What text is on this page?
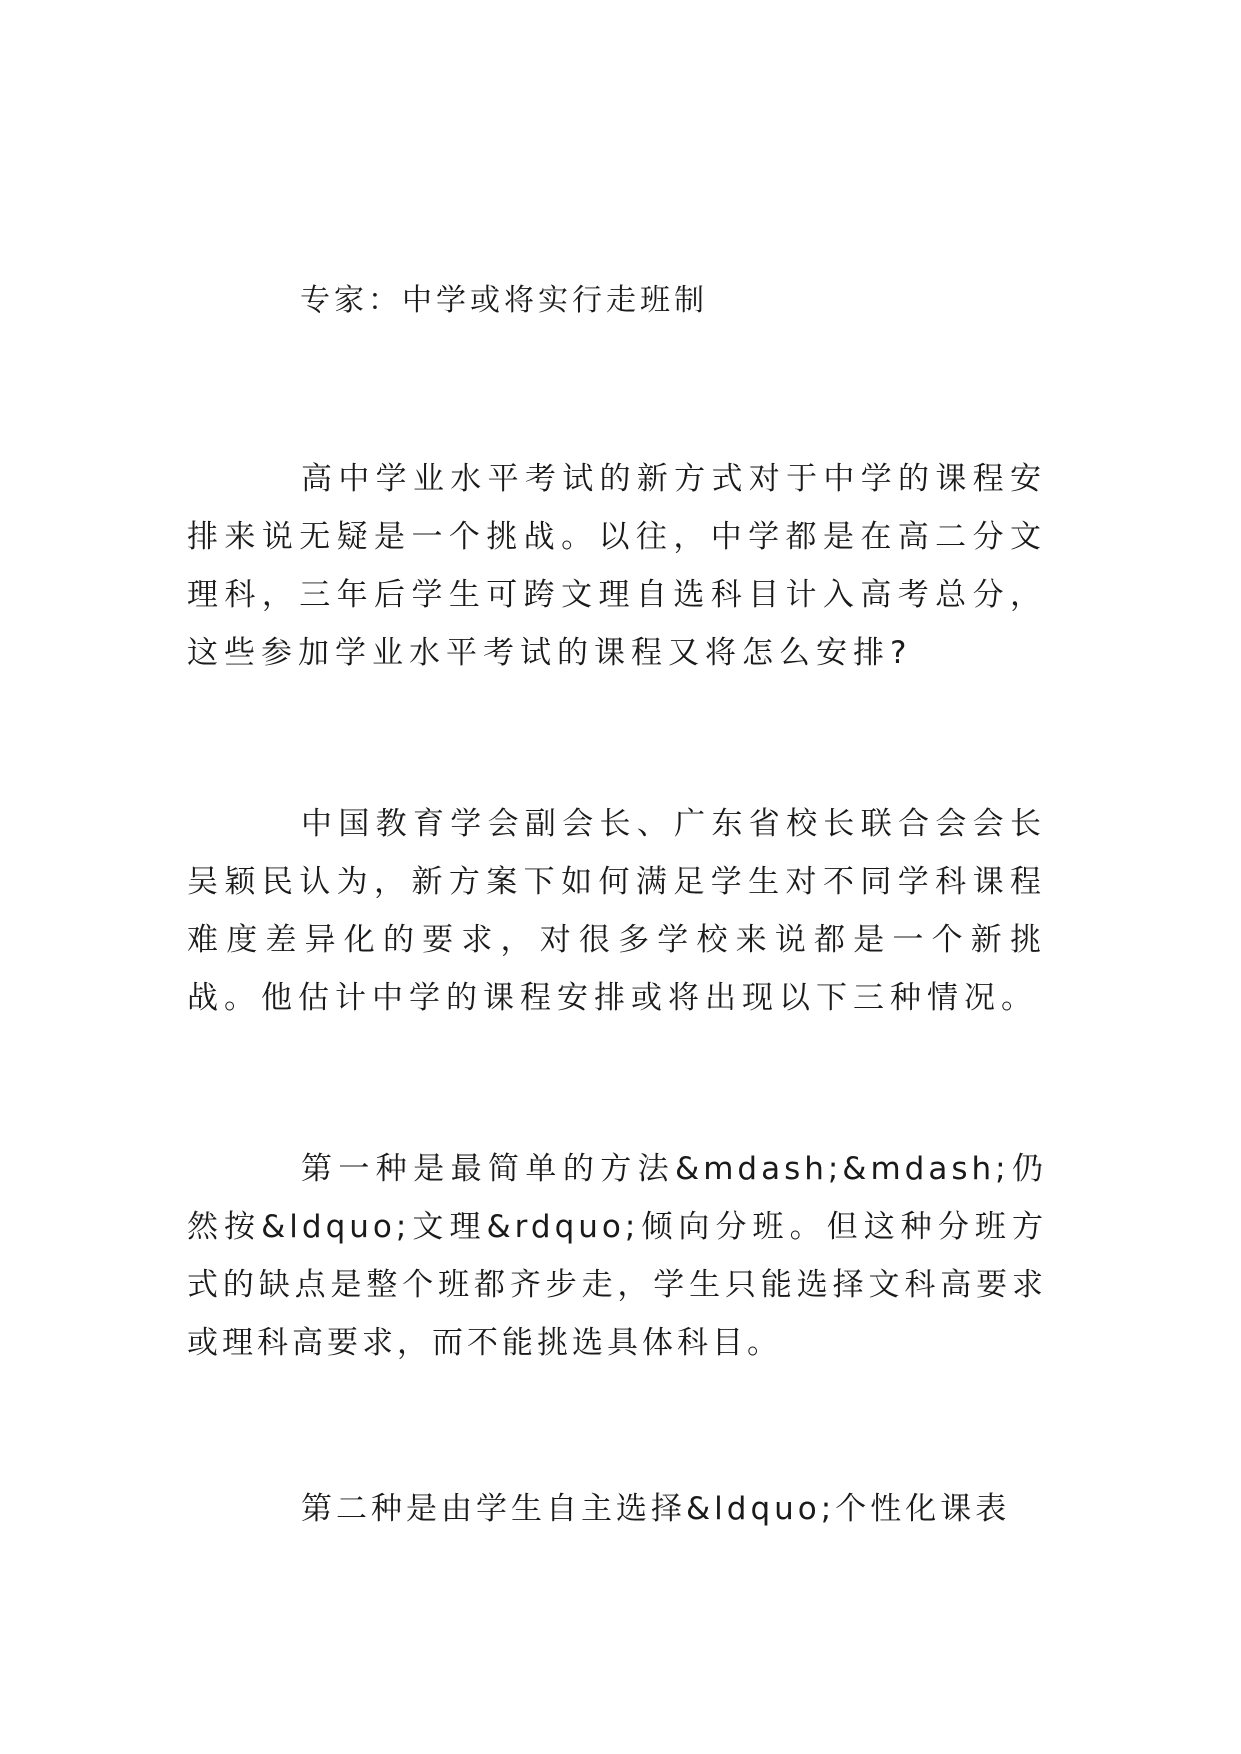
专家：中学或将实行走班制
高中学业水平考试的新方式对于中学的课程安排来说无疑是一个挑战。以往，中学都是在高二分文理科，三年后学生可跨文理自选科目计入高考总分，这些参加学业水平考试的课程又将怎么安排?
中国教育学会副会长、广东省校长联合会会长吴颖民认为，新方案下如何满足学生对不同学科课程难度差异化的要求，对很多学校来说都是一个新挑战。他估计中学的课程安排或将出现以下三种情况。
第一种是最简单的方法&mdash;&mdash;仍然按&ldquo;文理&rdquo;倾向分班。但这种分班方式的缺点是整个班都齐步走，学生只能选择文科高要求或理科高要求，而不能挑选具体科目。
第二种是由学生自主选择&ldquo;个性化课表
